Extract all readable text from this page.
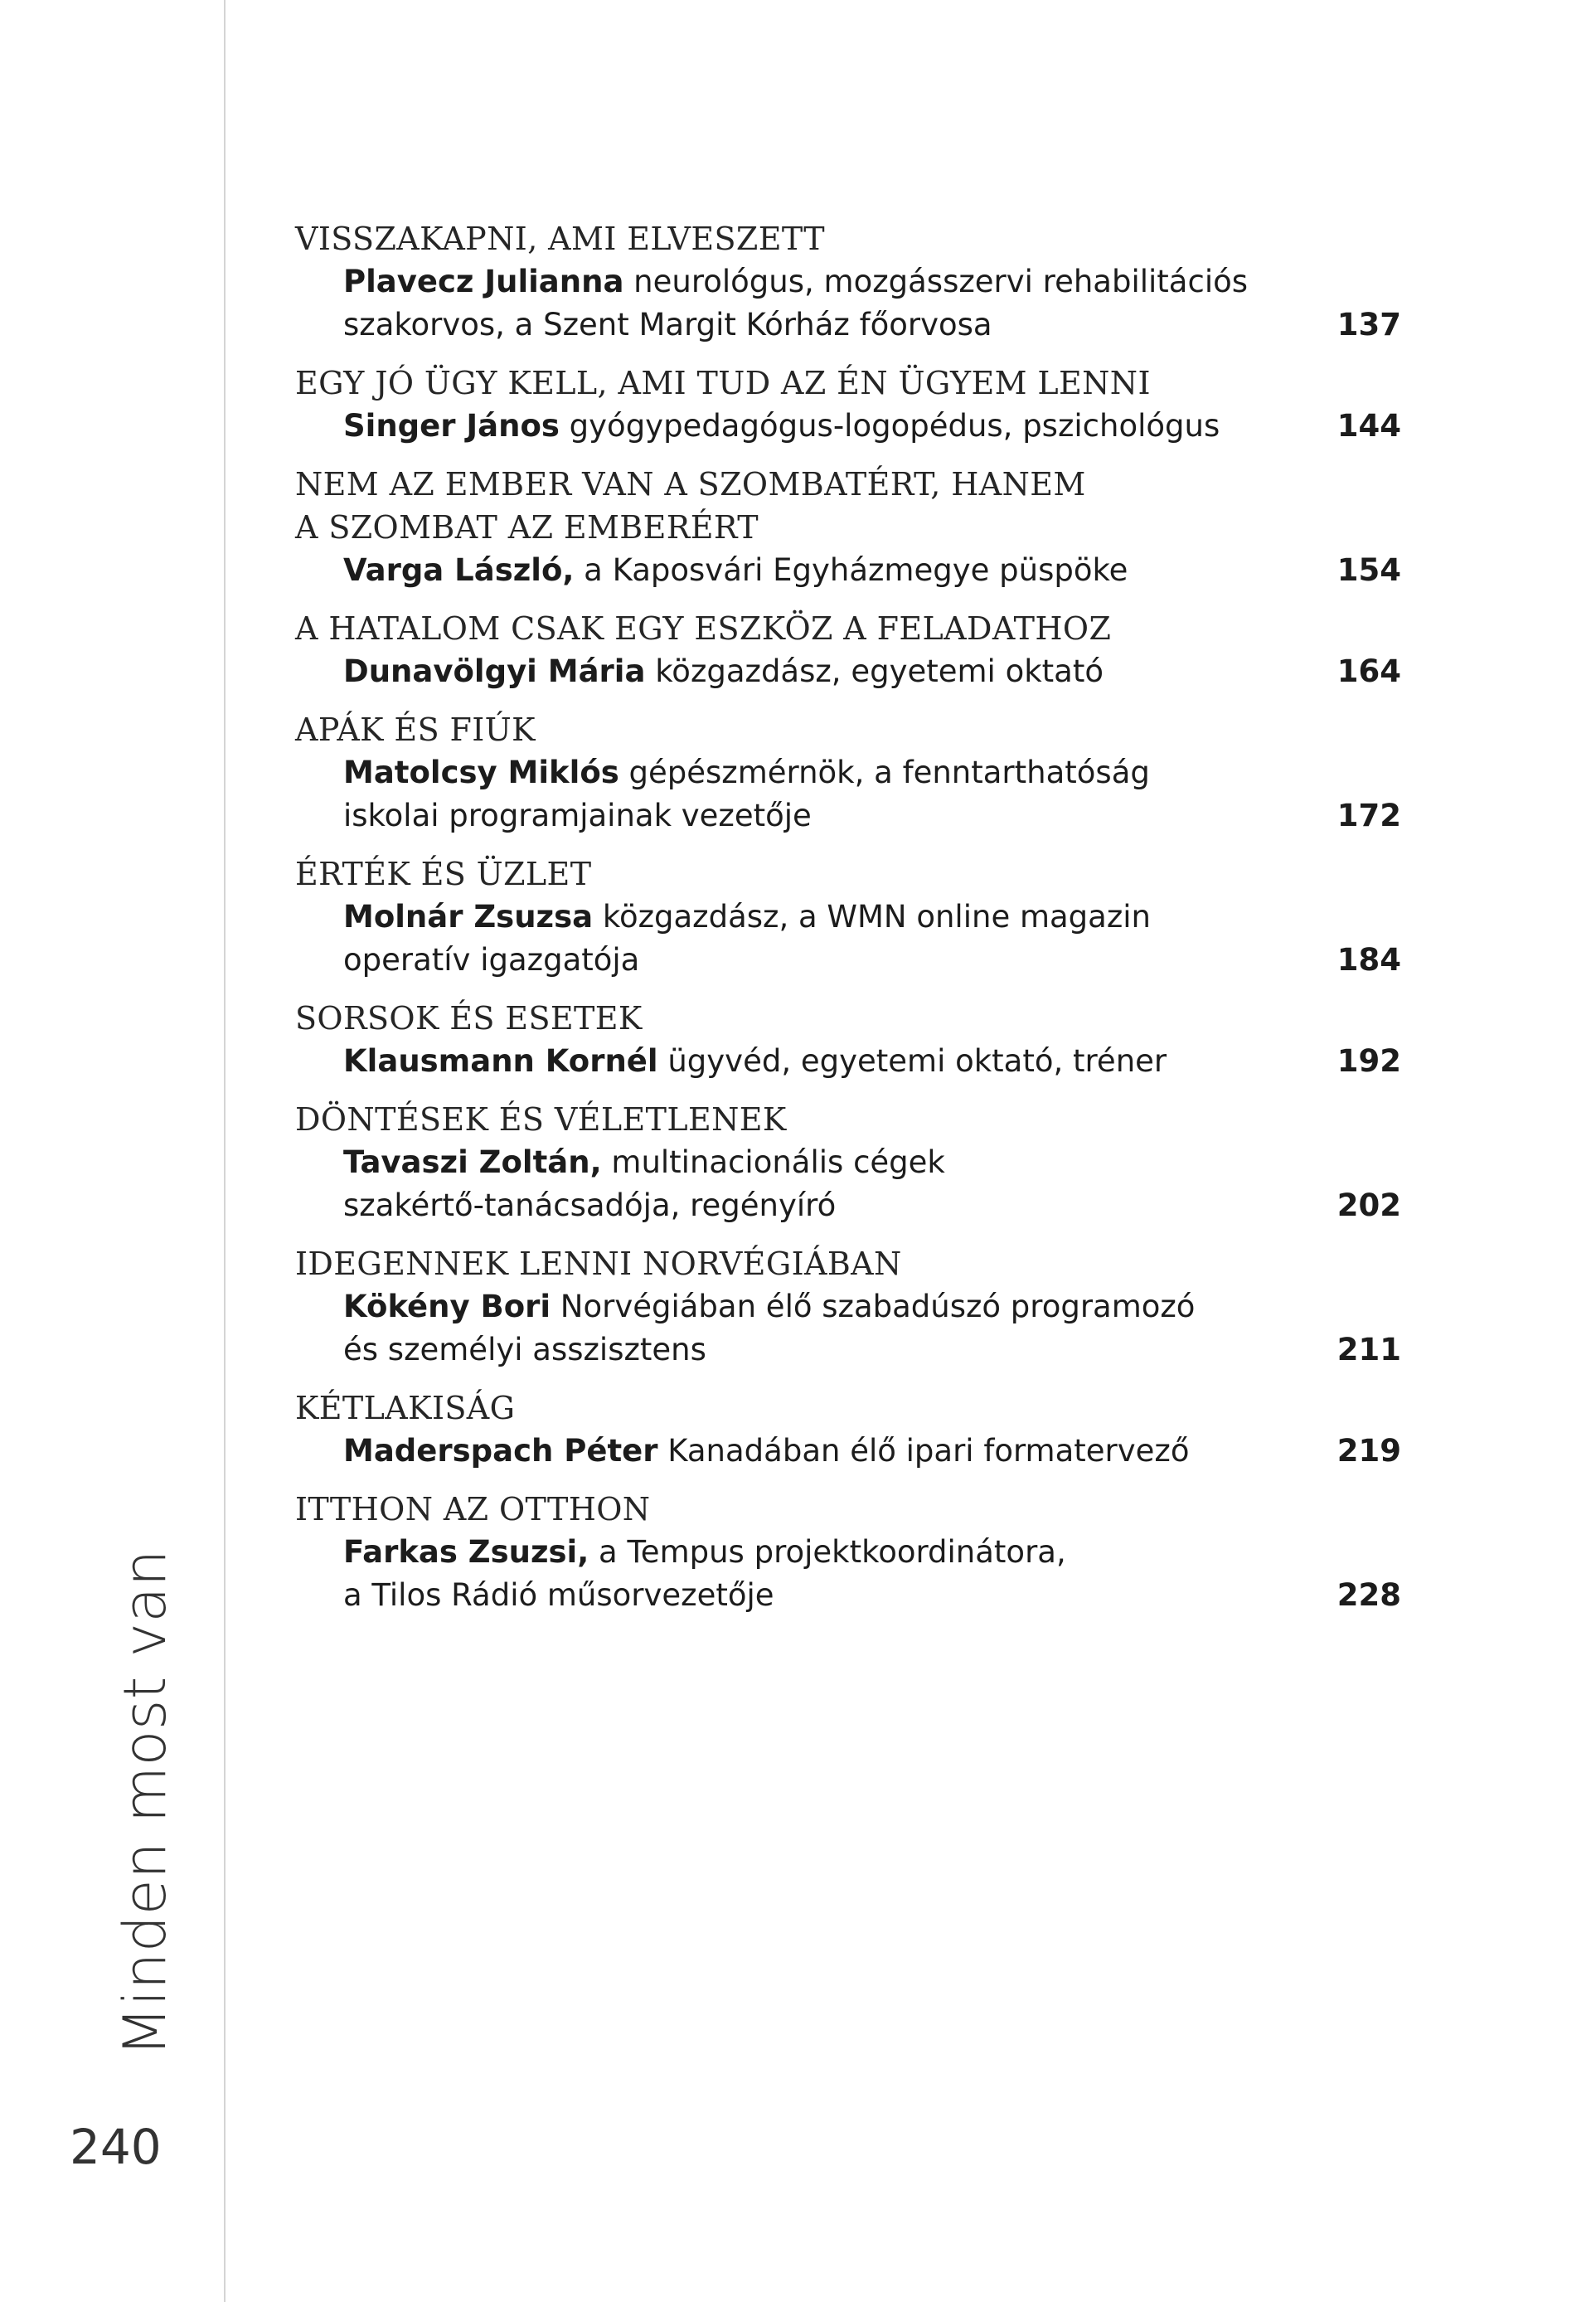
Minden most van
240
VISSZAKAPNI, AMI ELVESZETT
Plavecz Julianna neurológus, mozgásszervi rehabilitációs
szakorvos, a Szent Margit Kórház főorvosa	137
EGY JÓ ÜGY KELL, AMI TUD AZ ÉN ÜGYEM LENNI
Singer János gyógypedagógus-logopédus, pszichológus	144
NEM AZ EMBER VAN A SZOMBATÉRT, HANEM
A SZOMBAT AZ EMBERÉRT
Varga László, a Kaposvári Egyházmegye püspöke	154
A HATALOM CSAK EGY ESZKÖZ A FELADATHOZ
Dunavölgyi Mária közgazdász, egyetemi oktató	164
APÁK ÉS FIÚK
Matolcsy Miklós gépészmérnök, a fenntarthatóság
iskolai programjainak vezetője	172
ÉRTÉK ÉS ÜZLET
Molnár Zsuzsa közgazdász, a WMN online magazin
operatív igazgatója	184
SORSOK ÉS ESETEK
Klausmann Kornél ügyvéd, egyetemi oktató, tréner	192
DÖNTÉSEK ÉS VÉLETLENEK
Tavaszi Zoltán, multinacionális cégek
szakértő-tanácsadója, regényíró	202
IDEGENNEK LENNI NORVÉGIÁBAN
Kökény Bori Norvégiában élő szabadúszó programozó
és személyi asszisztens	211
KÉTLAKISÁG
Maderspach Péter Kanadában élő ipari formatervező	219
ITTHON AZ OTTHON
Farkas Zsuzsi, a Tempus projektkoordinátora,
a Tilos Rádió műsorvezetője	228
